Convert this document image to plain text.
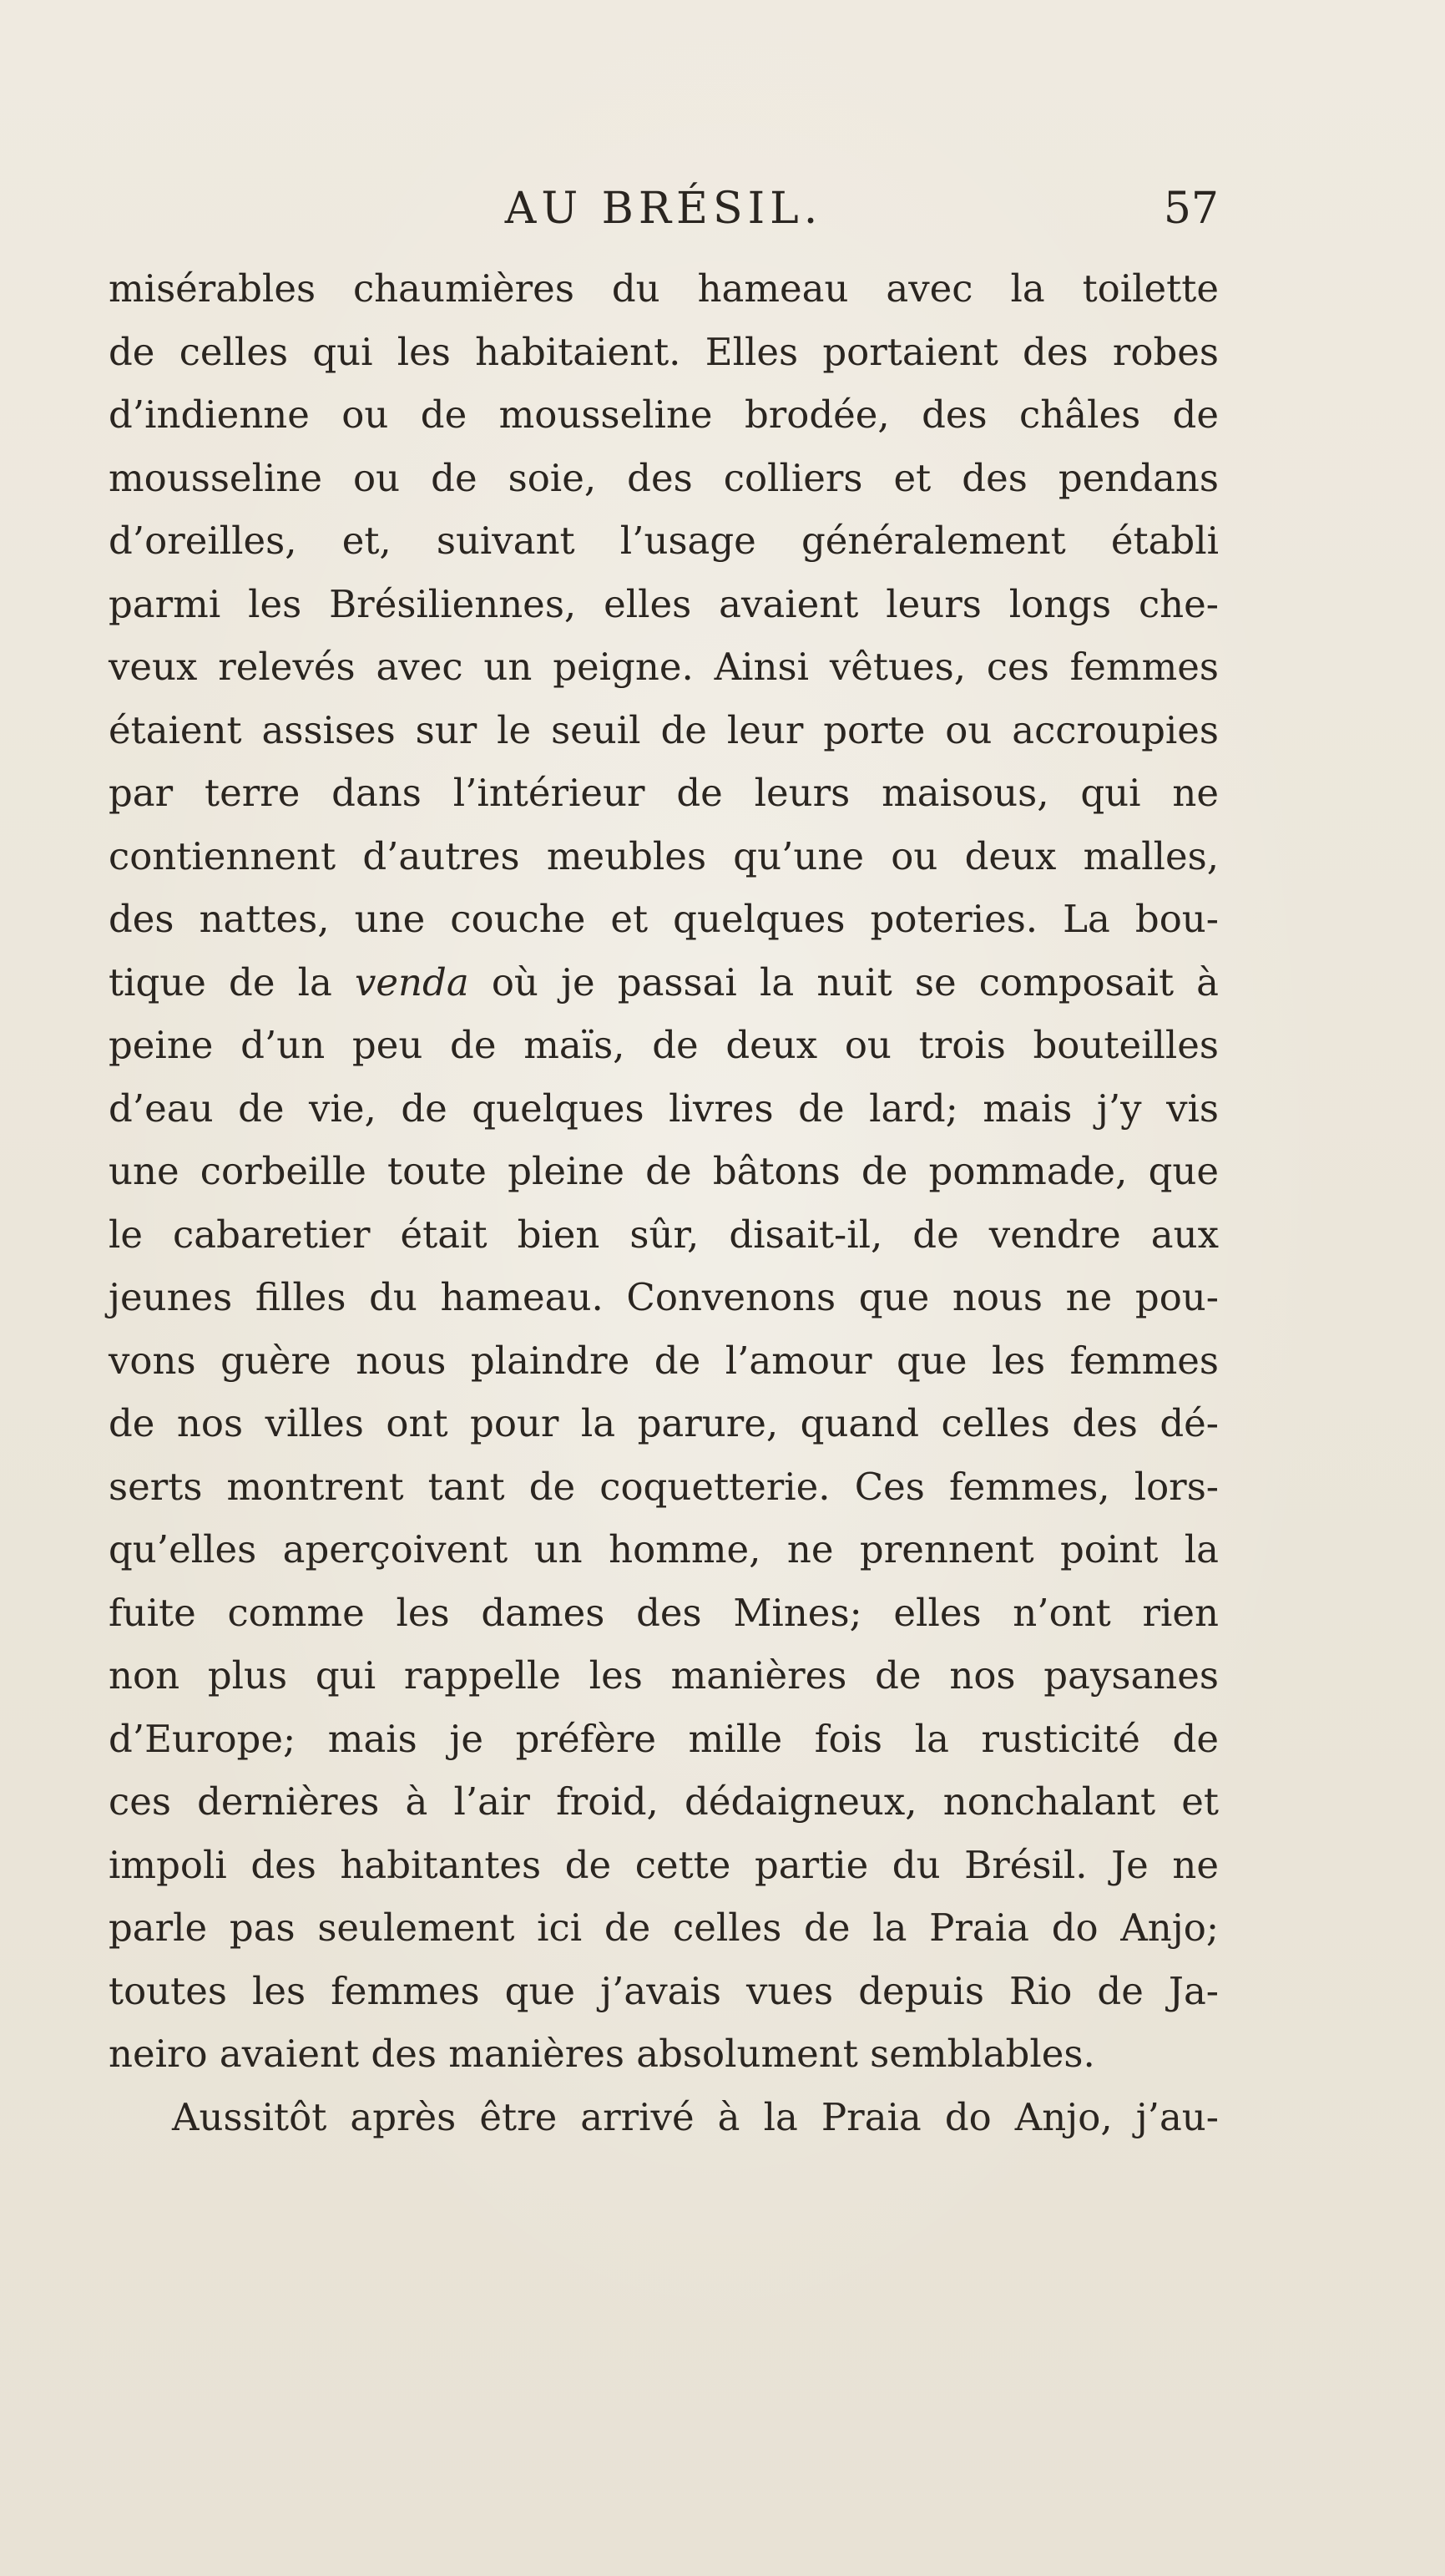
AU BRÉSIL.	57
misérables chaumières du hameau avec la toilette
de celles qui les habitaient. Elles portaient des robes
d’indienne ou de mousseline brodée, des châles de
mousseline ou de soie, des colliers et des pendans
d’oreilles, et, suivant l’usage généralement établi
parmi les Brésiliennes, elles avaient leurs longs che-
veux relevés avec un peigne. Ainsi vêtues, ces femmes
étaient assises sur le seuil de leur porte ou accroupies
par terre dans l’intérieur de leurs maisous, qui ne
contiennent d’autres meubles qu’une ou deux malles,
des nattes, une couche et quelques poteries. La bou-
tique de la venda où je passai la nuit se composait à
peine d’un peu de maïs, de deux ou trois bouteilles
d’eau de vie, de quelques livres de lard; mais j’y vis
une corbeille toute pleine de bâtons de pommade, que
le cabaretier était bien sûr, disait-il, de vendre aux
jeunes filles du hameau. Convenons que nous ne pou-
vons guère nous plaindre de l’amour que les femmes
de nos villes ont pour la parure, quand celles des dé-
serts montrent tant de coquetterie. Ces femmes, lors-
qu’elles aperçoivent un homme, ne prennent point la
fuite comme les dames des Mines; elles n’ont rien
non plus qui rappelle les manières de nos paysanes
d’Europe; mais je préfère mille fois la rusticité de
ces dernières à l’air froid, dédaigneux, nonchalant et
impoli des habitantes de cette partie du Brésil. Je ne
parle pas seulement ici de celles de la Praia do Anjo;
toutes les femmes que j’avais vues depuis Rio de Ja-
neiro avaient des manières absolument semblables.
Aussitôt après être arrivé à la Praia do Anjo, j’au-
